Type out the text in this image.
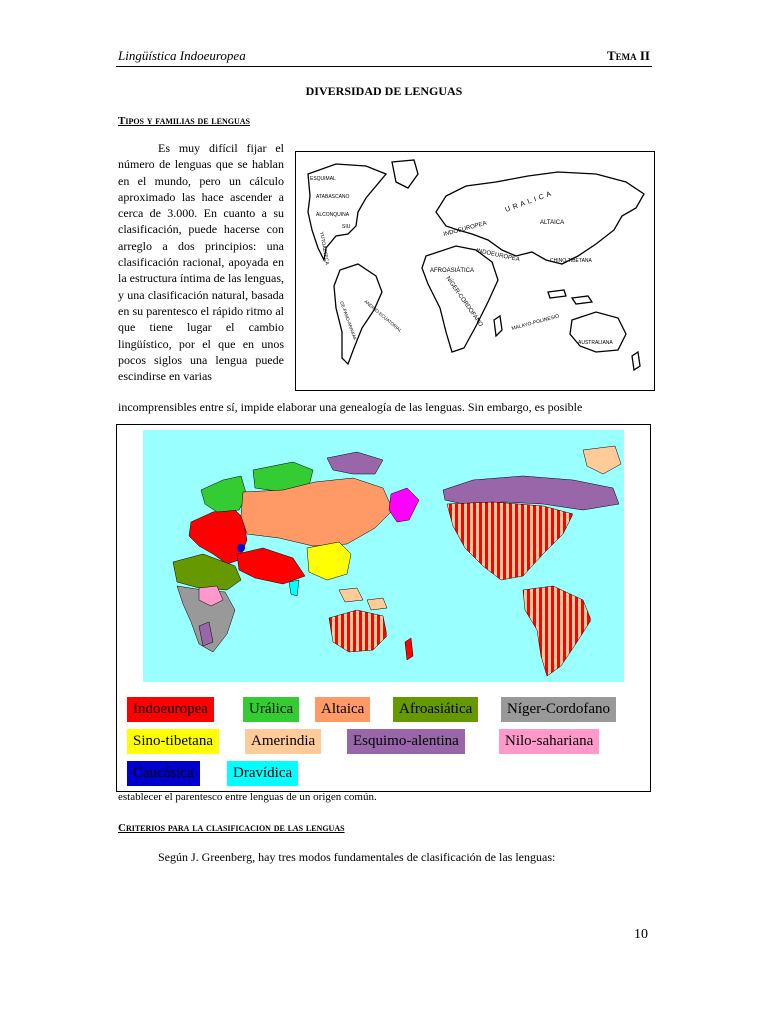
Lingüística Indoeuropea	Tema II
DIVERSIDAD DE LENGUAS
Tipos y familias de lenguas
Es muy difícil fijar el número de lenguas que se hablan en el mundo, pero un cálculo aproximado las hace ascender a cerca de 3.000. En cuanto a su clasificación, puede hacerse con arreglo a dos principios: una clasificación racional, apoyada en la estructura íntima de las lenguas, y una clasificación natural, basada en su parentesco el rápido ritmo al que tiene lugar el cambio lingüístico, por el que en unos pocos siglos una lengua puede escindirse en varias
ESQUIMAL
ATABASCANO
ALCONQUINA
SIU
YUTOAZTECA
URALICA
ALTAICA
INDOEUROPEA
INDOEUROPEA
AFROASIÁTICA
CHINO-TIBETANA
NÍGER-CORDOFANO	MALAYO-POLINESIO
AUSTRALIANA
GE-PANO-ARAWAK ANDINO-ECUATORIAL
incomprensibles entre sí, impide elaborar una genealogía de las lenguas. Sin embargo, es posible
Indoeuropea	Urálica	Altaica	Afroasiática	Níger-Cordofano
Sino-tibetana	Amerindia	Esquimo-alentina	Nilo-sahariana
Caucásica	Dravídica
establecer el parentesco entre lenguas de un origen común.
Criterios para la clasificacion de las lenguas
Según J. Greenberg, hay tres modos fundamentales de clasificación de las lenguas:
10
